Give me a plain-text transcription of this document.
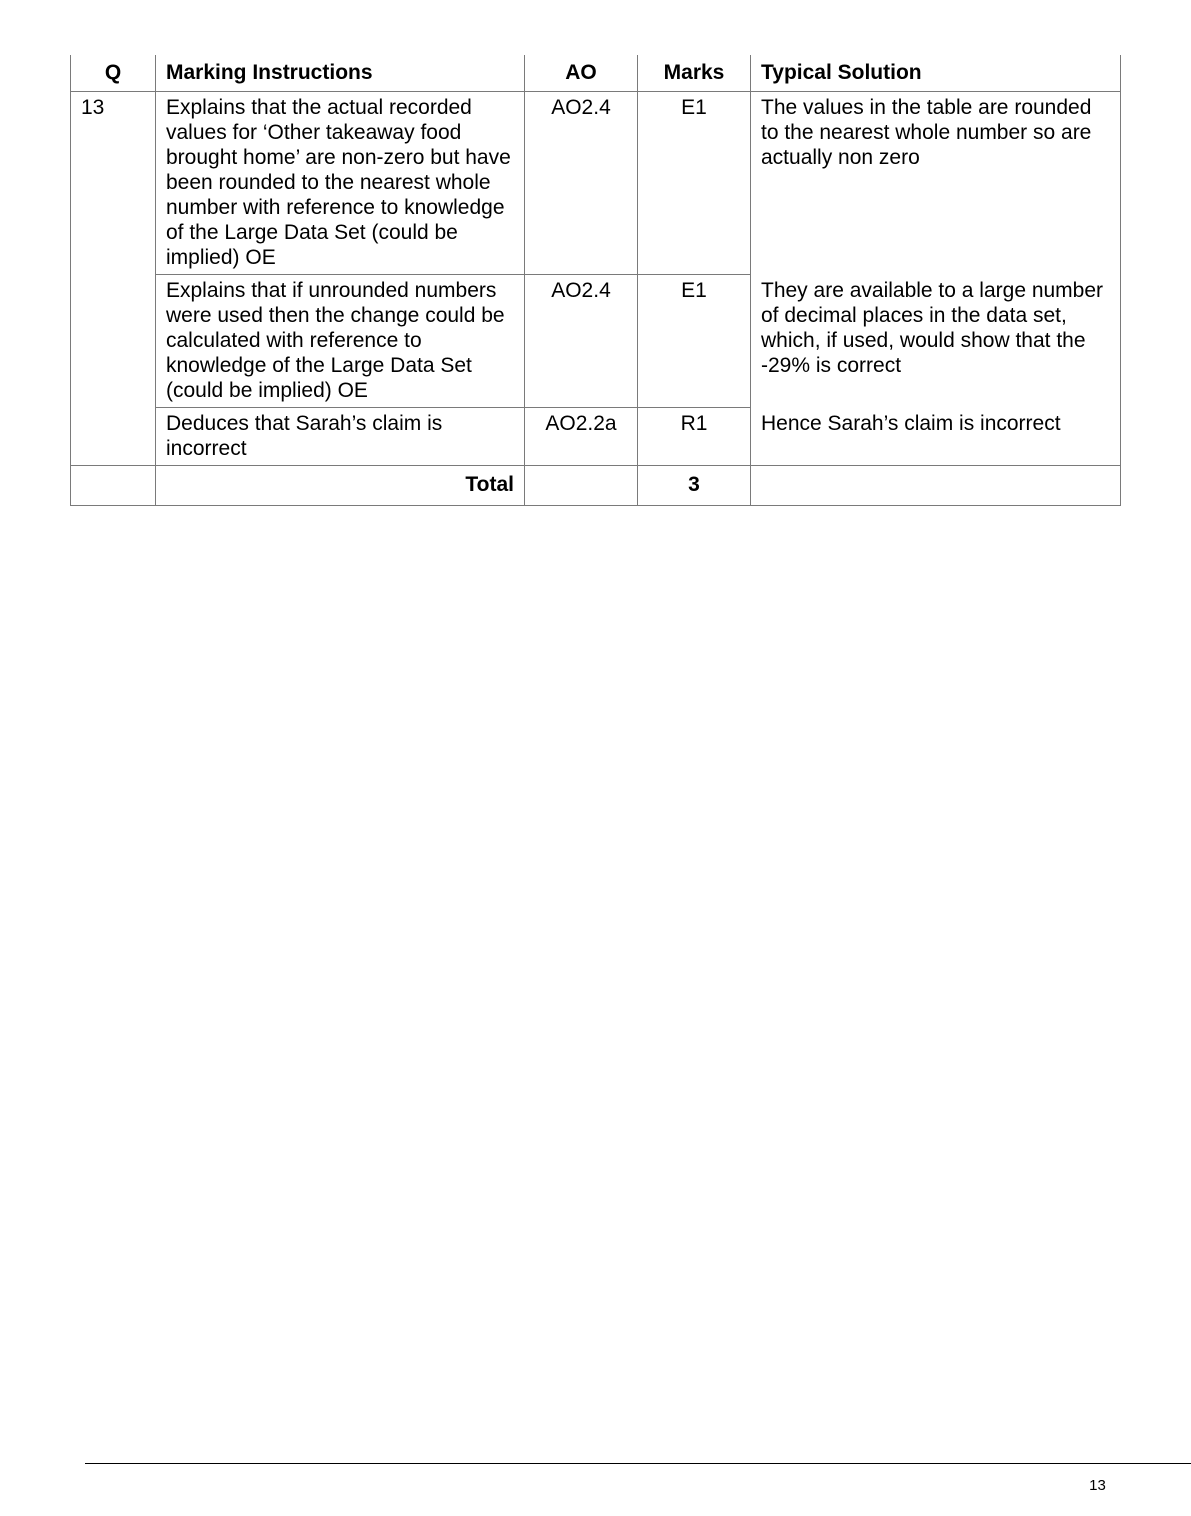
Q	Marking Instructions	AO	Marks	Typical Solution
13	Explains that the actual recorded values for ‘Other takeaway food brought home’ are non-zero but have been rounded to the nearest whole number with reference to knowledge of the Large Data Set (could be implied) OE	AO2.4	E1	The values in the table are rounded to the nearest whole number so are actually non zero
	Explains that if unrounded numbers were used then the change could be calculated with reference to knowledge of the Large Data Set (could be implied) OE	AO2.4	E1	They are available to a large number of decimal places in the data set, which, if used, would show that the -29% is correct
	Deduces that Sarah’s claim is incorrect	AO2.2a	R1	Hence Sarah’s claim is incorrect
	Total		3	
13
